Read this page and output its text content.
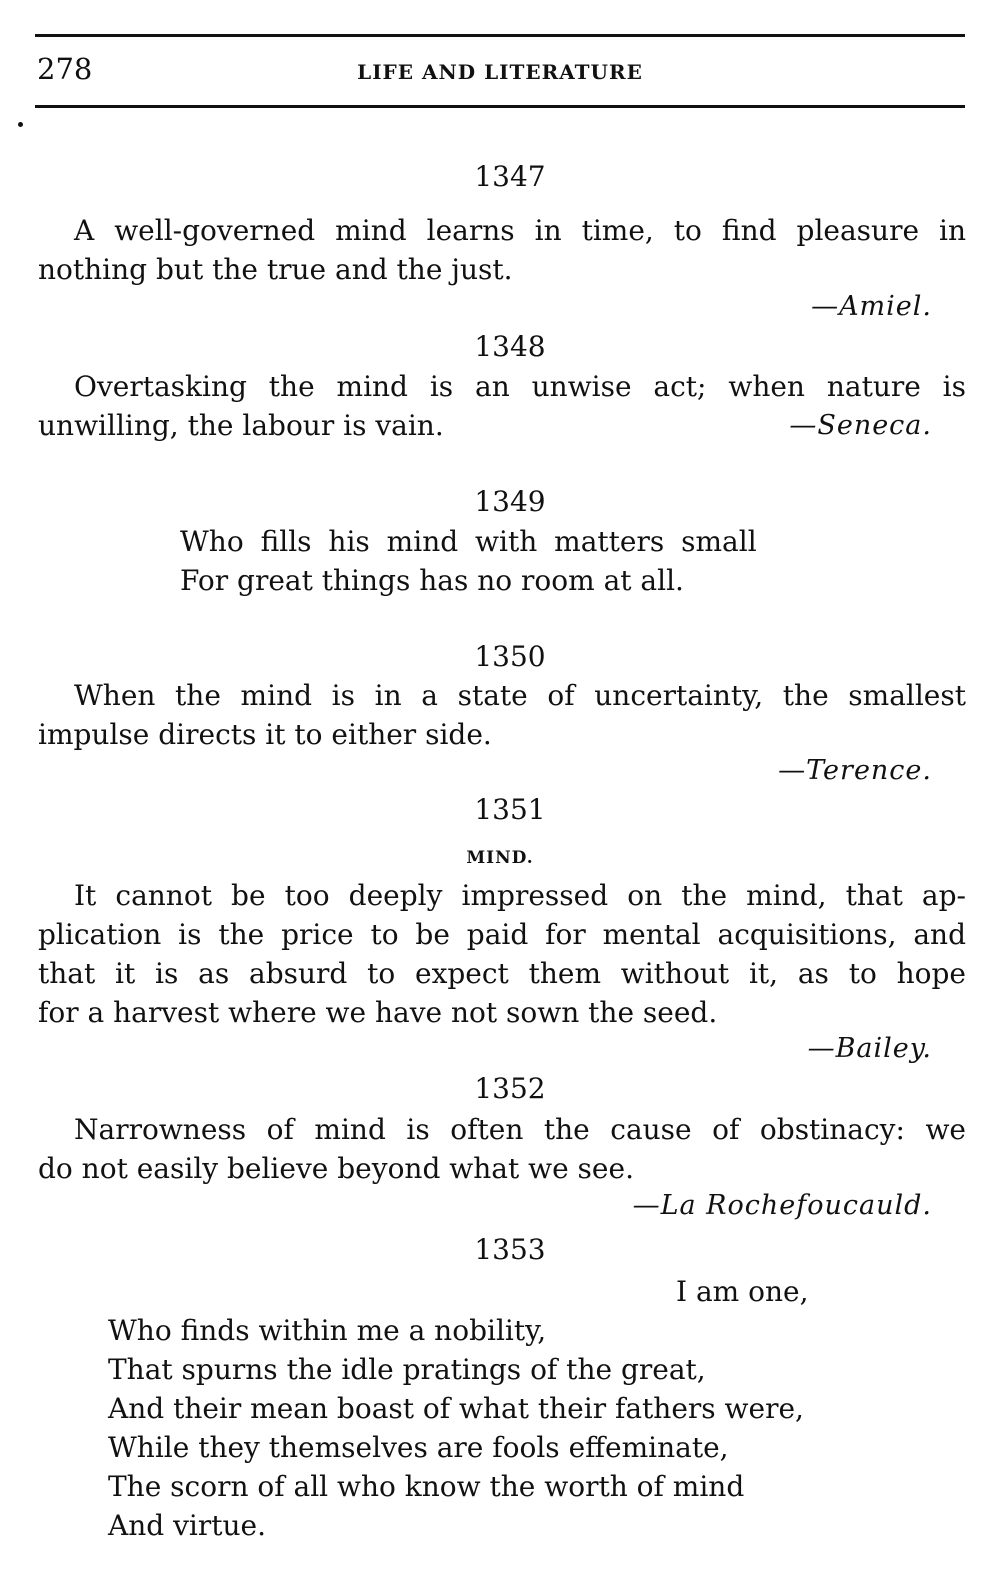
278	LIFE AND LITERATURE
1347
A well-governed mind learns in time, to find pleasure in
nothing but the true and the just.
—Amiel.
1348
Overtasking the mind is an unwise act; when nature is
unwilling, the labour is vain.	—Seneca.
1349
Who fills his mind with matters small
For great things has no room at all.
1350
When the mind is in a state of uncertainty, the smallest
impulse directs it to either side.
—Terence.
1351
MIND.
It cannot be too deeply impressed on the mind, that ap-
plication is the price to be paid for mental acquisitions, and
that it is as absurd to expect them without it, as to hope
for a harvest where we have not sown the seed.
—Bailey.
1352
Narrowness of mind is often the cause of obstinacy: we
do not easily believe beyond what we see.
—La Rochefoucauld.
1353
I am one,
Who finds within me a nobility,
That spurns the idle pratings of the great,
And their mean boast of what their fathers were,
While they themselves are fools effeminate,
The scorn of all who know the worth of mind
And virtue.
